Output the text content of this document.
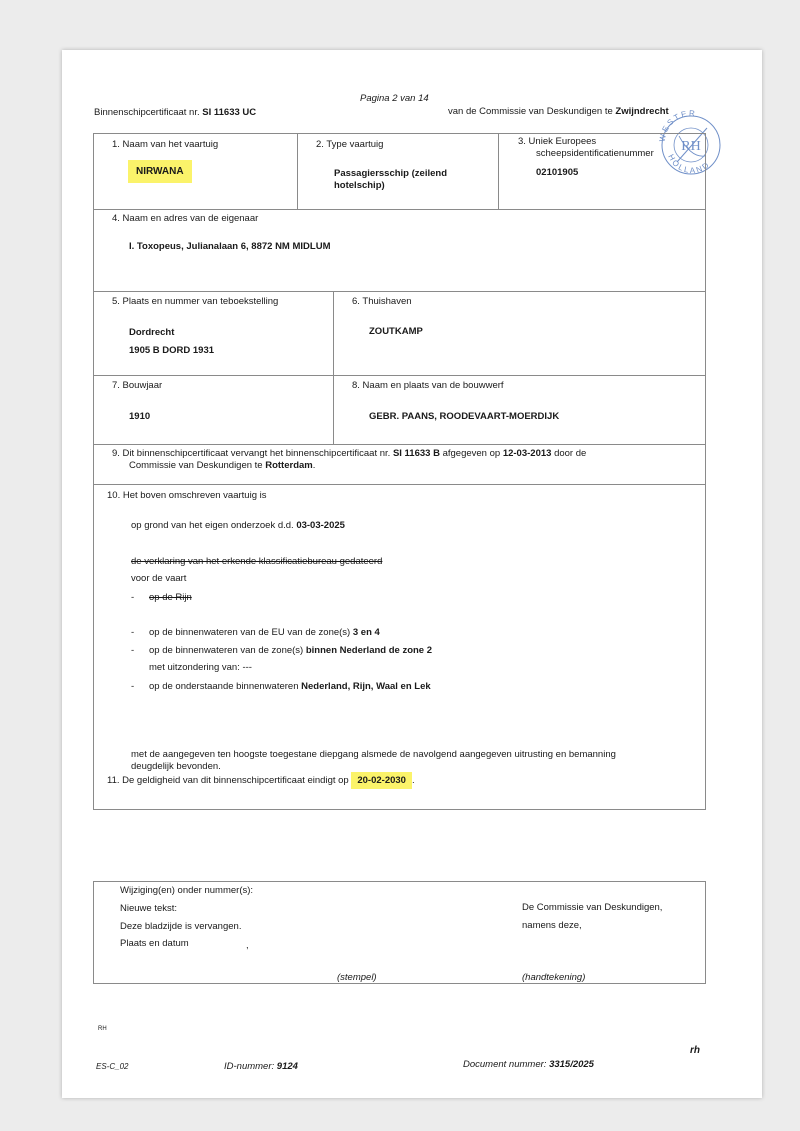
Pagina 2 van 14
Binnenschipcertificaat nr. SI 11633 UC	van de Commissie van Deskundigen te Zwijndrecht
WESTER
HOLLAND
RH
1. Naam van het vaartuig
NIRWANA
2. Type vaartuig
Passagiersschip (zeilend
hotelschip)
3. Uniek Europees
scheepsidentificatienummer
02101905
4. Naam en adres van de eigenaar
I. Toxopeus, Julianalaan 6, 8872 NM MIDLUM
5. Plaats en nummer van teboekstelling
Dordrecht
1905 B DORD 1931
6. Thuishaven
ZOUTKAMP
7. Bouwjaar
1910
8. Naam en plaats van de bouwwerf
GEBR. PAANS, ROODEVAART-MOERDIJK
9. Dit binnenschipcertificaat vervangt het binnenschipcertificaat nr. SI 11633 B afgegeven op 12-03-2013 door de
Commissie van Deskundigen te Rotterdam.
10. Het boven omschreven vaartuig is
op grond van het eigen onderzoek d.d. 03-03-2025
de verklaring van het erkende klassificatiebureau gedateerd
voor de vaart
- op de Rijn
- op de binnenwateren van de EU van de zone(s) 3 en 4
- op de binnenwateren van de zone(s) binnen Nederland de zone 2
met uitzondering van: ---
- op de onderstaande binnenwateren Nederland, Rijn, Waal en Lek
met de aangegeven ten hoogste toegestane diepgang alsmede de navolgend aangegeven uitrusting en bemanning
deugdelijk bevonden.
11. De geldigheid van dit binnenschipcertificaat eindigt op 20-02-2030 .
Wijziging(en) onder nummer(s):
Nieuwe tekst:
Deze bladzijde is vervangen.
Plaats en datum	,
De Commissie van Deskundigen,
namens deze,
(stempel)	(handtekening)
RH
ES-C_02	ID-nummer: 9124	Document nummer: 3315/2025
rh
